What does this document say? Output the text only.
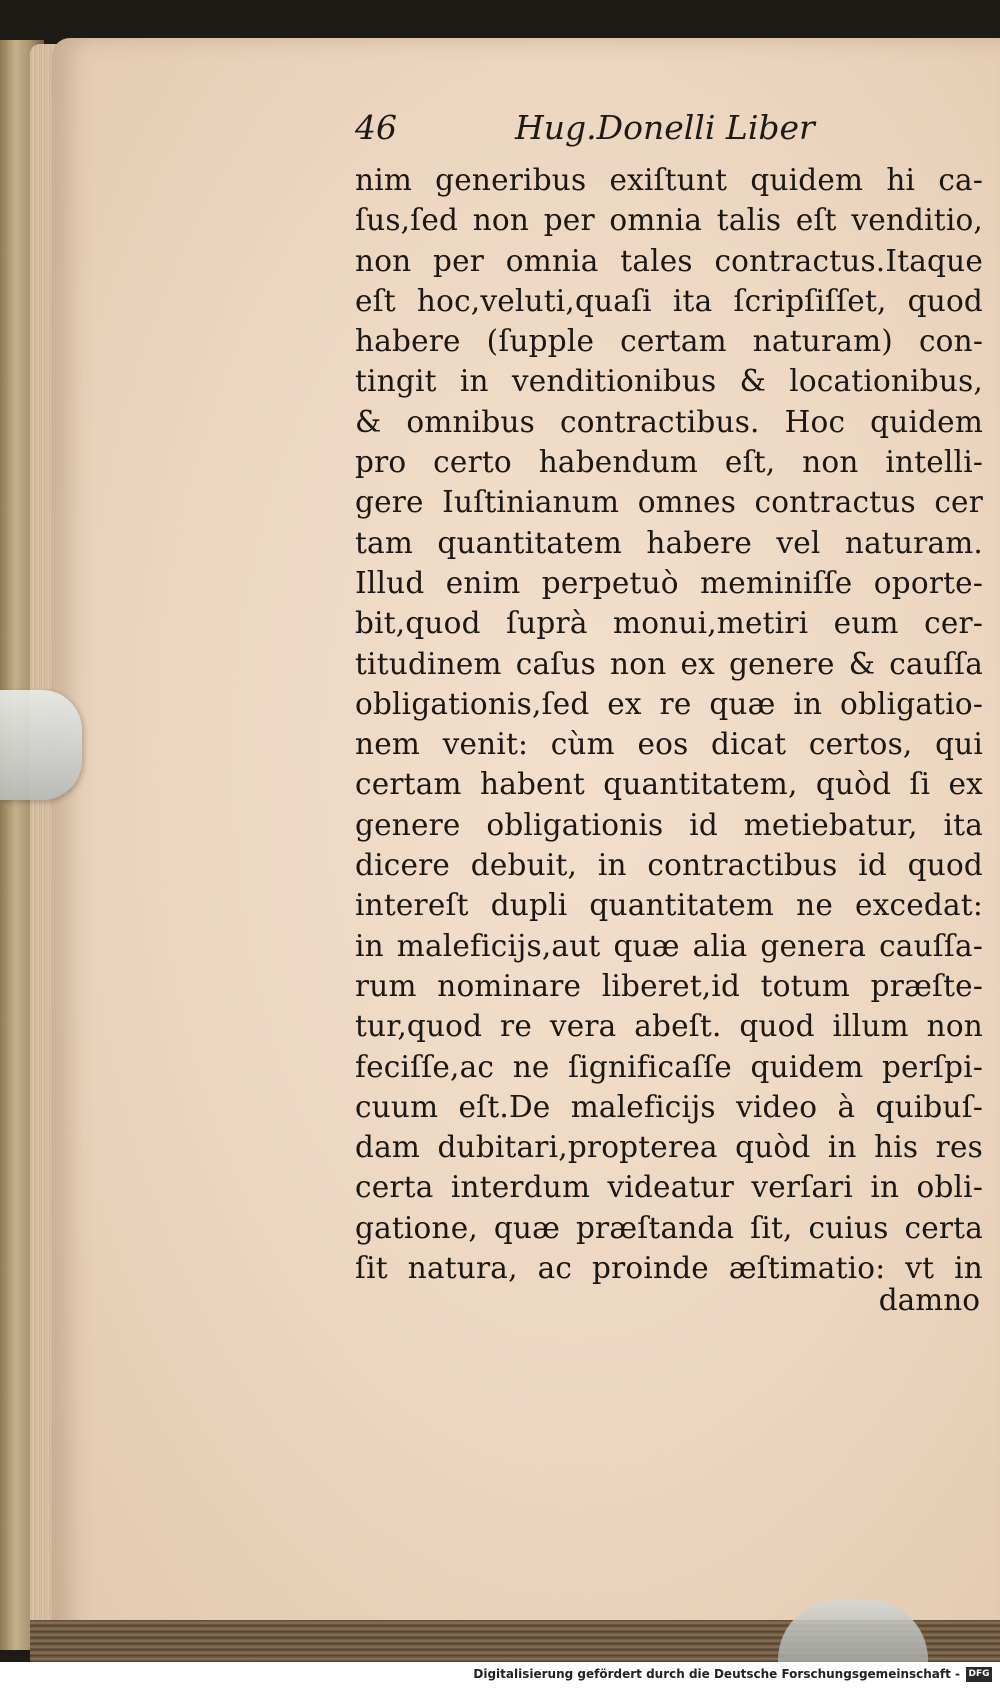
46	Hug.Donelli Liber
nim generibus exiſtunt quidem hi ca-
ſus,ſed non per omnia talis eſt venditio,
non per omnia tales contractus.Itaque
eſt hoc,veluti,quaſi ita ſcripſiſſet, quod
habere (ſupple certam naturam) con-
tingit in venditionibus & locationibus,
& omnibus contractibus. Hoc quidem
pro certo habendum eſt, non intelli-
gere Iuſtinianum omnes contractus cer
tam quantitatem habere vel naturam.
Illud enim perpetuò meminiſſe oporte-
bit,quod ſuprà monui,metiri eum cer-
titudinem caſus non ex genere & cauſſa
obligationis,ſed ex re quæ in obligatio-
nem venit: cùm eos dicat certos, qui
certam habent quantitatem, quòd ſi ex
genere obligationis id metiebatur, ita
dicere debuit, in contractibus id quod
intereſt dupli quantitatem ne excedat:
in maleficijs,aut quæ alia genera cauſſa-
rum nominare liberet,id totum præſte-
tur,quod re vera abeſt. quod illum non
feciſſe,ac ne ſignificaſſe quidem perſpi-
cuum eſt.De maleficijs video à quibuſ-
dam dubitari,propterea quòd in his res
certa interdum videatur verſari in obli-
gatione, quæ præſtanda ſit, cuius certa
ſit natura, ac proinde æſtimatio: vt in
damno
Digitalisierung gefördert durch die Deutsche Forschungsgemeinschaft - DFG
